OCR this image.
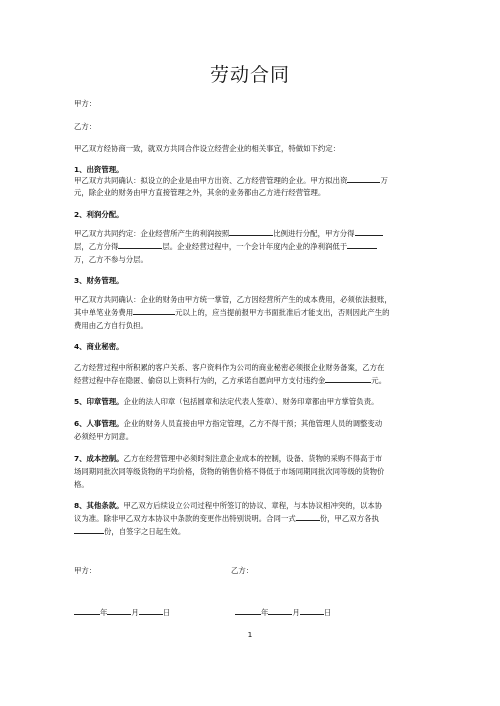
劳动合同
甲方：
乙方：
甲乙双方经协商一致，就双方共同合作设立经营企业的相关事宜，特做如下约定：
1、出资管理。
甲乙双方共同确认：拟设立的企业是由甲方出资、乙方经营管理的企业。甲方拟出资	万
元，除企业的财务由甲方直接管理之外，其余的业务都由乙方进行经营管理。
2、利润分配。
甲乙双方共同约定：企业经营所产生的利润按照	比例进行分配，甲方分得
层，乙方分得	层。企业经营过程中，一个会计年度内企业的净利润低于
万，乙方不参与分层。
3、财务管理。
甲乙双方共同确认：企业的财务由甲方统一掌管，乙方因经营所产生的成本费用，必须依法报账，
其中单笔业务费用	元以上的，应当提前报甲方书面批准后才能支出，否则因此产生的
费用由乙方自行负担。
4、商业秘密。
乙方经营过程中所积累的客户关系、客户资料作为公司的商业秘密必须报企业财务备案，乙方在
经营过程中存在隐匿、偷窃以上资料行为的，乙方承诺自愿向甲方支付违约金	元。
5、印章管理。企业的法人印章（包括圆章和法定代表人签章）、财务印章都由甲方掌管负责。
6、人事管理。企业的财务人员直接由甲方指定管理，乙方不得干预；其他管理人员的调整变动
必须经甲方同意。
7、成本控制。乙方在经营管理中必须时刻注意企业成本的控制，设备、货物的采购不得高于市
场同期同批次同等级货物的平均价格，货物的销售价格不得低于市场同期同批次同等级的货物价
格。
8、其他条款。甲乙双方后续设立公司过程中所签订的协议、章程，与本协议相冲突的，以本协
议为准。除非甲乙双方本协议中条款的变更作出特别说明。合同一式	份，甲乙双方各执
份，自签字之日起生效。
甲方：	乙方：
年	月	日	年	月	日
1
